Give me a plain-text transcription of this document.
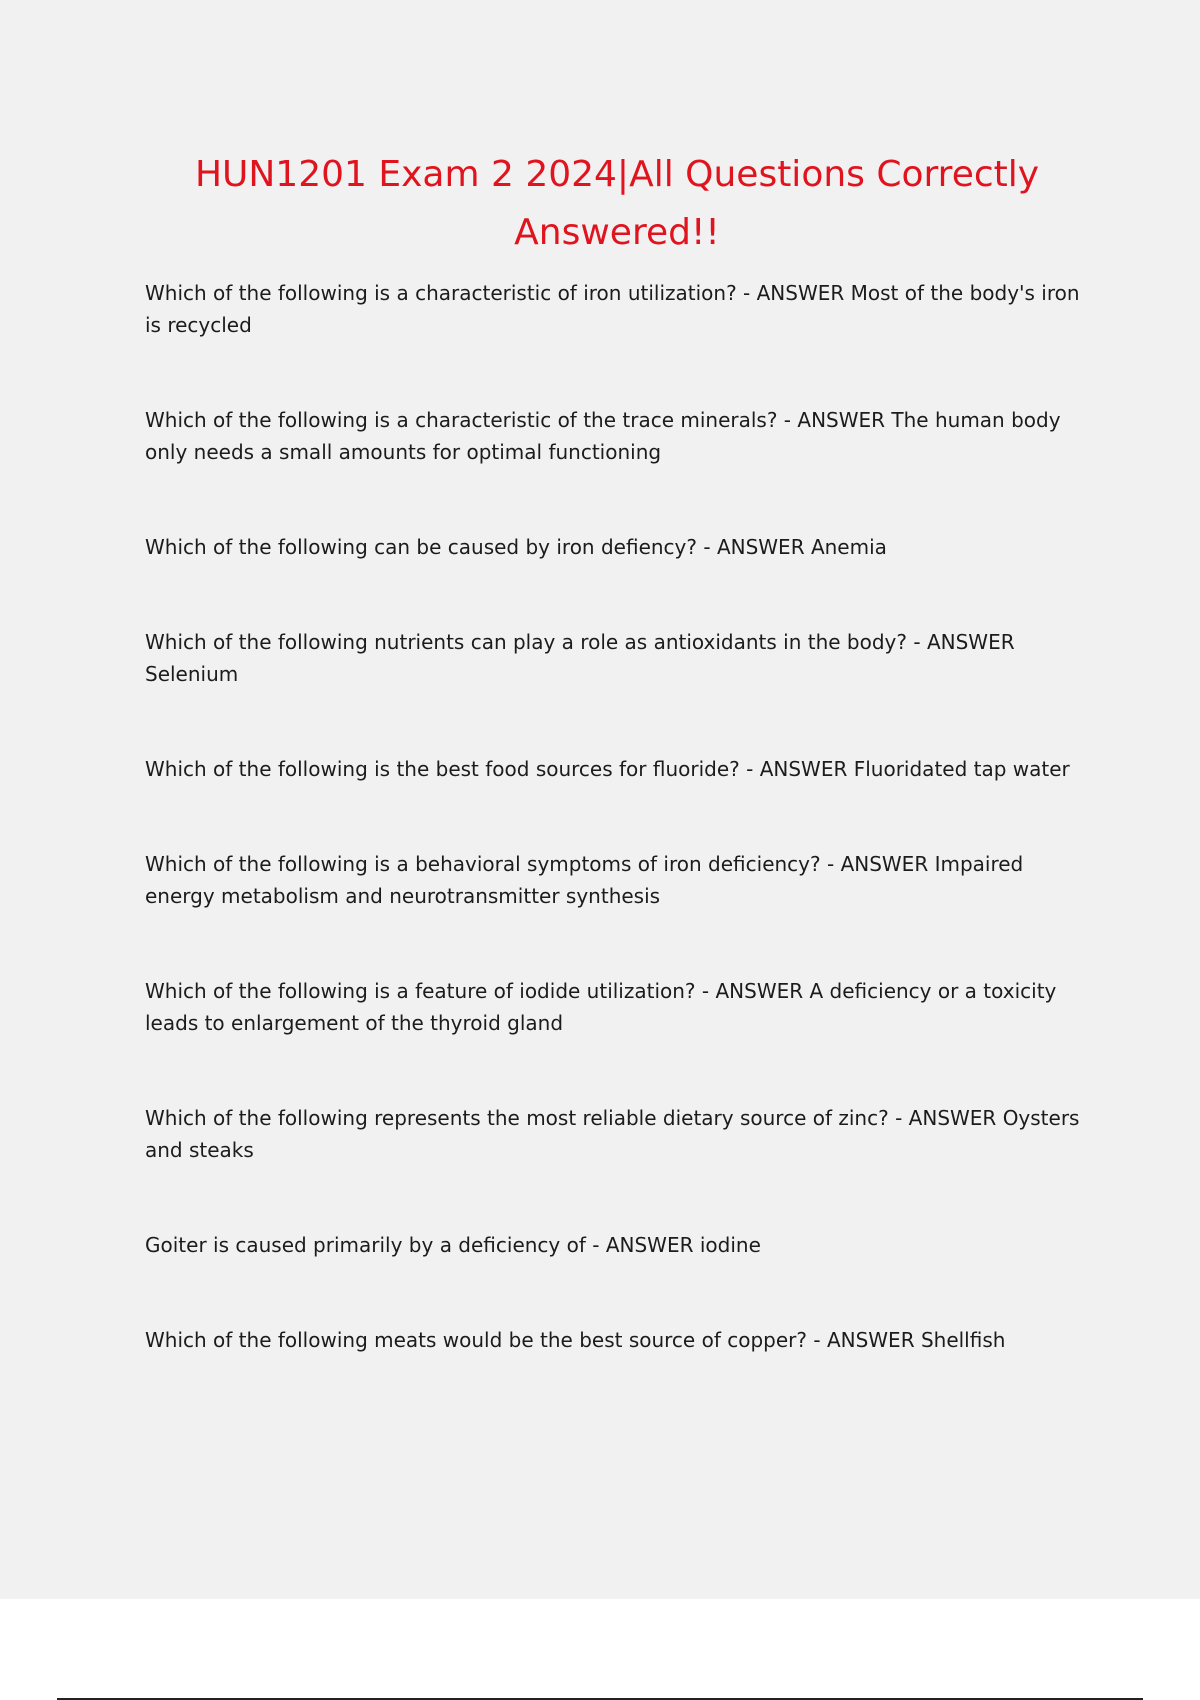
HUN1201 Exam 2 2024|All Questions Correctly Answered!!

Which of the following is a characteristic of iron utilization? - ANSWER Most of the body's iron is recycled

Which of the following is a characteristic of the trace minerals? - ANSWER The human body only needs a small amounts for optimal functioning

Which of the following can be caused by iron defiency? - ANSWER Anemia

Which of the following nutrients can play a role as antioxidants in the body? - ANSWER Selenium

Which of the following is the best food sources for fluoride? - ANSWER Fluoridated tap water

Which of the following is a behavioral symptoms of iron deficiency? - ANSWER Impaired energy metabolism and neurotransmitter synthesis

Which of the following is a feature of iodide utilization? - ANSWER A deficiency or a toxicity leads to enlargement of the thyroid gland

Which of the following represents the most reliable dietary source of zinc? - ANSWER Oysters and steaks

Goiter is caused primarily by a deficiency of - ANSWER iodine

Which of the following meats would be the best source of copper? - ANSWER Shellfish
